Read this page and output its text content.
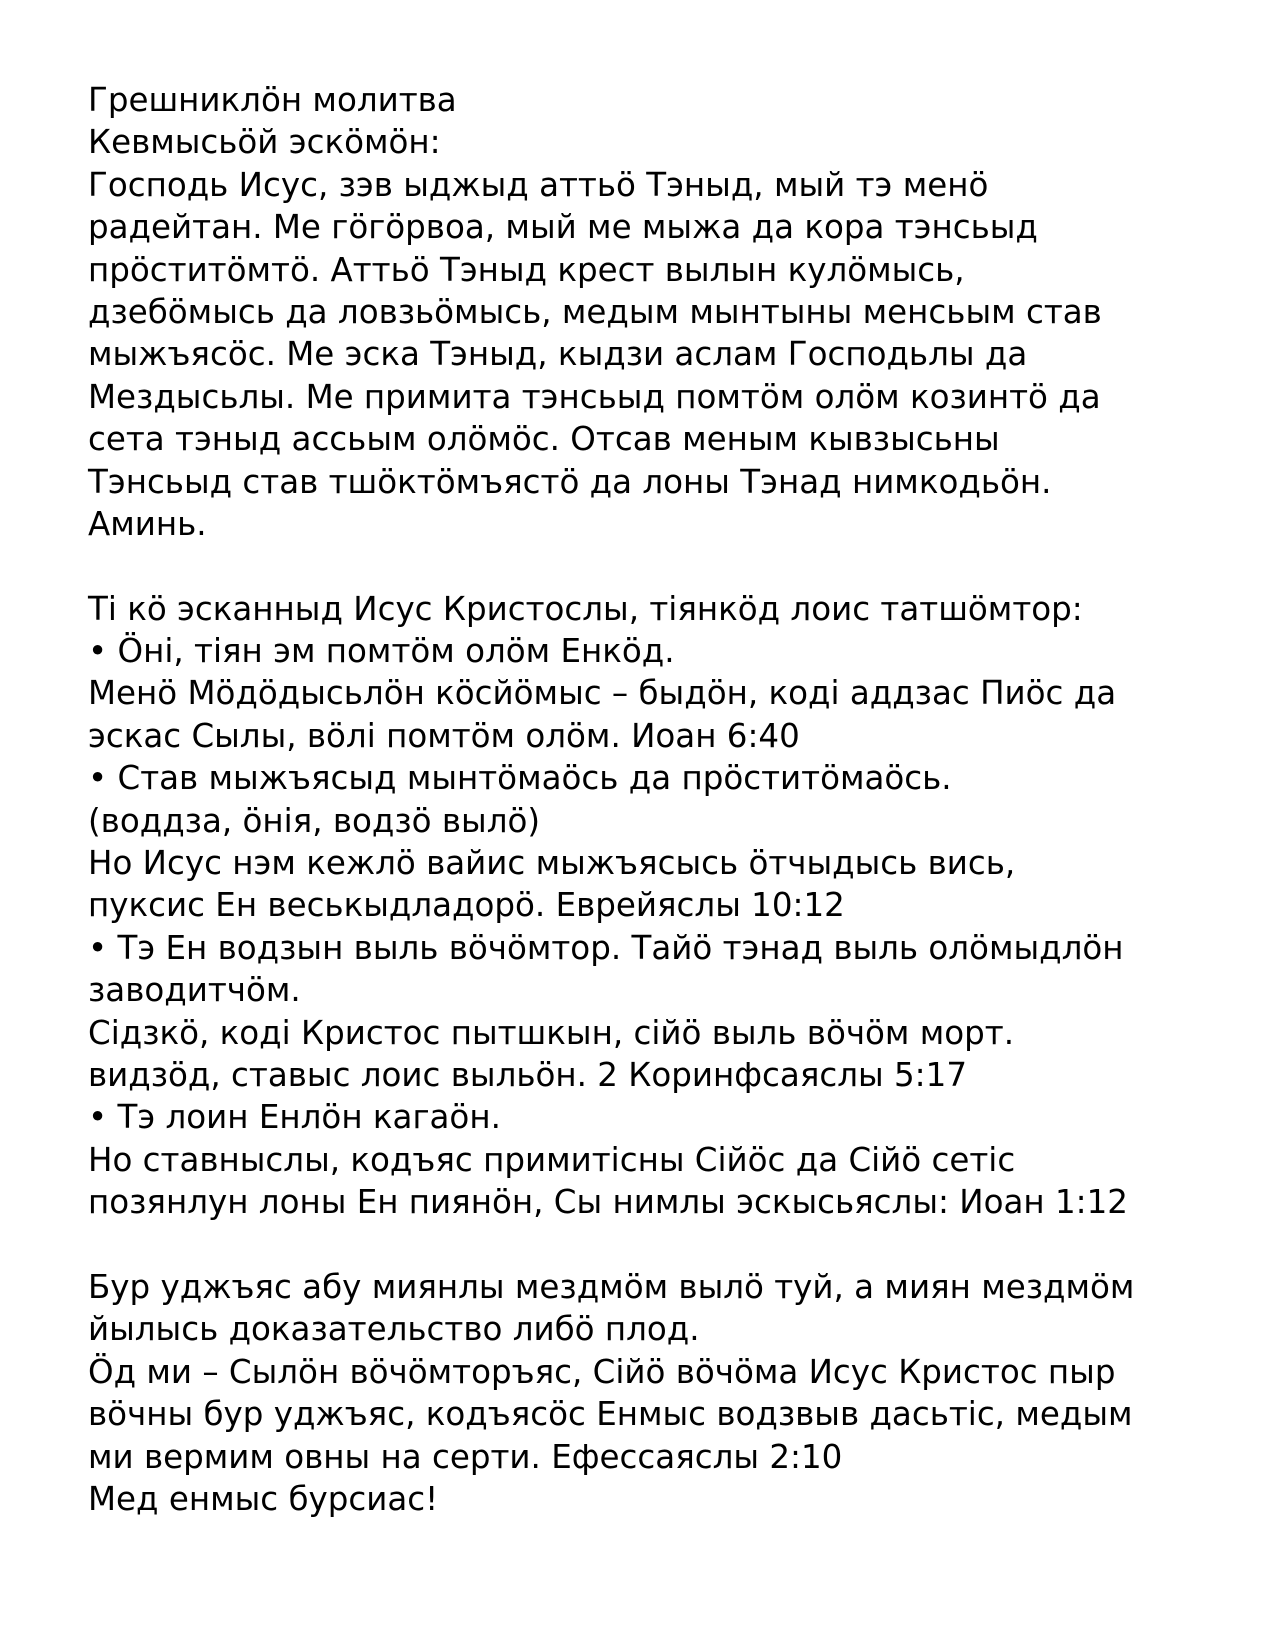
Грешниклӧн молитва
Кевмысьӧй эскӧмӧн:
Господь Исус, зэв ыджыд аттьӧ Тэныд, мый тэ менӧ
радейтан. Ме гӧгӧрвоа, мый ме мыжа да кора тэнсьыд
прӧститӧмтӧ. Аттьӧ Тэныд крест вылын кулӧмысь,
дзебӧмысь да ловзьӧмысь, медым мынтыны менсьым став
мыжъясӧс. Ме эска Тэныд, кыдзи аслам Господьлы да
Мездысьлы. Ме примита тэнсьыд помтӧм олӧм козинтӧ да
сета тэныд ассьым олӧмӧс. Отсав меным кывзысьны
Тэнсьыд став тшӧктӧмъястӧ да лоны Тэнад нимкодьӧн.
Аминь.
Ті кӧ эсканныд Исус Кристослы, тіянкӧд лоис татшӧмтор:
• Ӧні, тіян эм помтӧм олӧм Енкӧд.
Менӧ Мӧдӧдысьлӧн кӧсйӧмыс – быдӧн, коді аддзас Пиӧс да
эскас Сылы, вӧлі помтӧм олӧм. Иоан 6:40
• Став мыжъясыд мынтӧмаӧсь да прӧститӧмаӧсь.
(воддза, ӧнія, водзӧ вылӧ)
Но Исус нэм кежлӧ вайис мыжъясысь ӧтчыдысь вись,
пуксис Ен веськыдладорӧ. Еврейяслы 10:12
• Тэ Ен водзын выль вӧчӧмтор. Тайӧ тэнад выль олӧмыдлӧн
заводитчӧм.
Сідзкӧ, коді Кристос пытшкын, сійӧ выль вӧчӧм морт.
видзӧд, ставыс лоис выльӧн. 2 Коринфсаяслы 5:17
• Тэ лоин Енлӧн кагаӧн.
Но ставныслы, кодъяс примитісны Сійӧс да Сійӧ сетіс
позянлун лоны Ен пиянӧн, Сы нимлы эскысьяслы: Иоан 1:12
Бур уджъяс абу миянлы мездмӧм вылӧ туй, а миян мездмӧм
йылысь доказательство либӧ плод.
Ӧд ми – Сылӧн вӧчӧмторъяс, Сійӧ вӧчӧма Исус Кристос пыр
вӧчны бур уджъяс, кодъясӧс Енмыс водзвыв дасьтіс, медым
ми вермим овны на серти. Ефессаяслы 2:10
Мед енмыс бурсиас!
